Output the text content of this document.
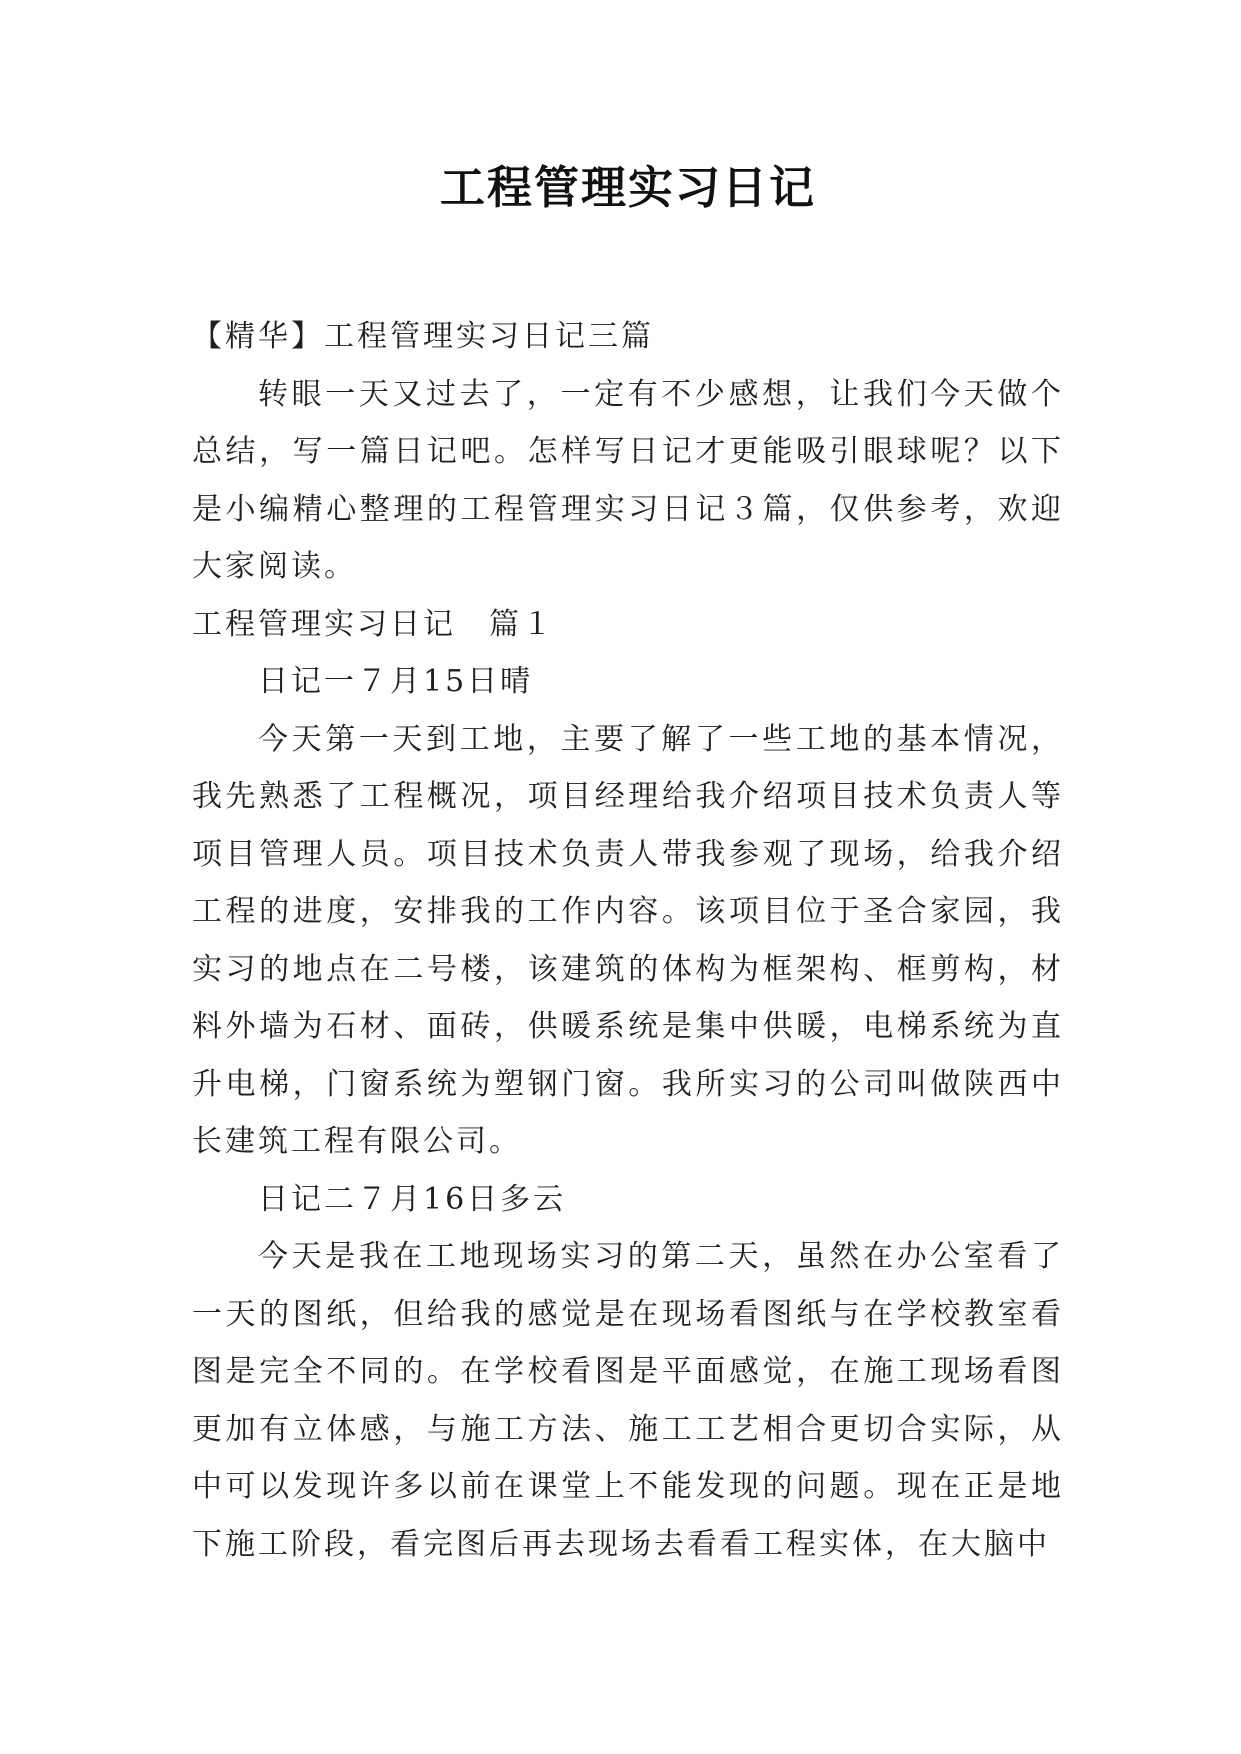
工程管理实习日记

【精华】工程管理实习日记三篇

转眼一天又过去了，一定有不少感想，让我们今天做个总结，写一篇日记吧。怎样写日记才更能吸引眼球呢？以下是小编精心整理的工程管理实习日记３篇，仅供参考，欢迎大家阅读。

工程管理实习日记　篇１

日记一７月15日晴

今天第一天到工地，主要了解了一些工地的基本情况，我先熟悉了工程概况，项目经理给我介绍项目技术负责人等项目管理人员。项目技术负责人带我参观了现场，给我介绍工程的进度，安排我的工作内容。该项目位于圣合家园，我实习的地点在二号楼，该建筑的体构为框架构、框剪构，材料外墙为石材、面砖，供暖系统是集中供暖，电梯系统为直升电梯，门窗系统为塑钢门窗。我所实习的公司叫做陕西中长建筑工程有限公司。

日记二７月16日多云

今天是我在工地现场实习的第二天，虽然在办公室看了一天的图纸，但给我的感觉是在现场看图纸与在学校教室看图是完全不同的。在学校看图是平面感觉，在施工现场看图更加有立体感，与施工方法、施工工艺相合更切合实际，从中可以发现许多以前在课堂上不能发现的问题。现在正是地下施工阶段，看完图后再去现场去看看工程实体，在大脑中
